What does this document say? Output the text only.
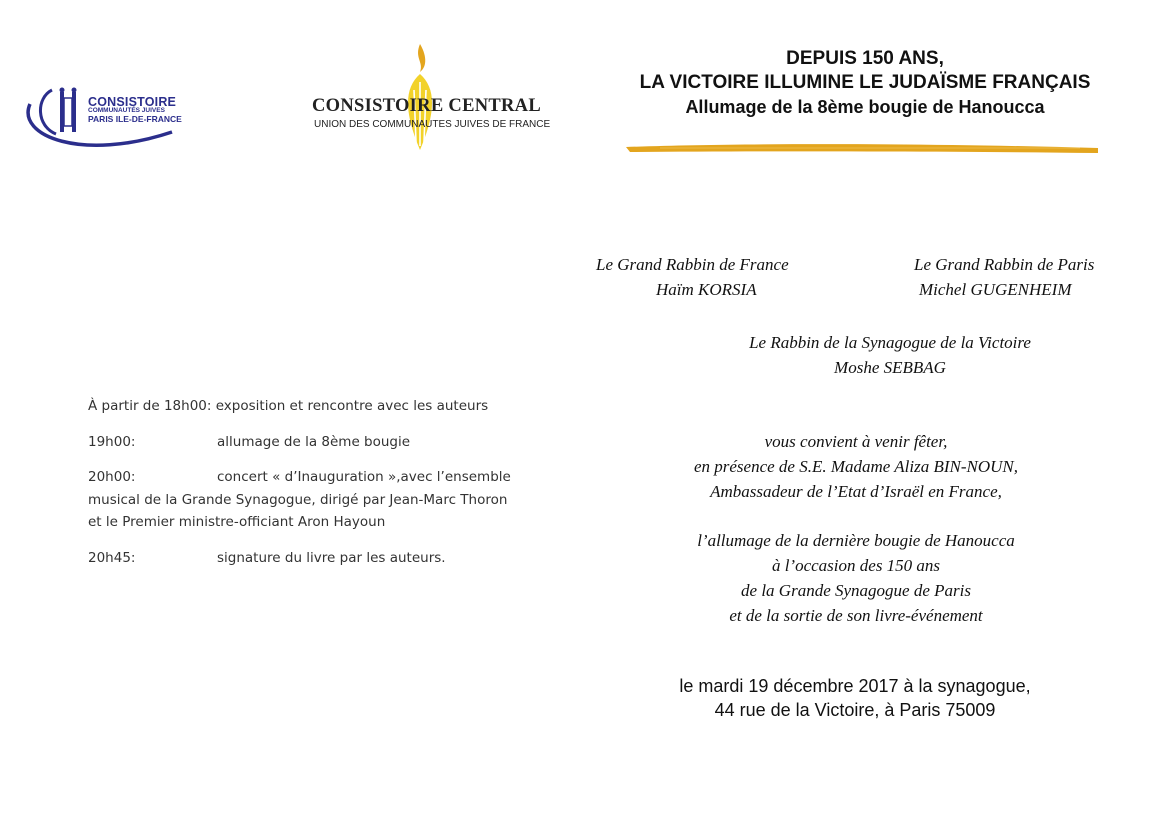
CONSISTOIRE
COMMUNAUTÉS JUIVES
PARIS ILE-DE-FRANCE
CONSISTOIRE CENTRAL
UNION DES COMMUNAUTES JUIVES DE FRANCE
DEPUIS 150 ANS,
LA VICTOIRE ILLUMINE LE JUDAÏSME FRANÇAIS
Allumage de la 8ème bougie de Hanoucca
Le Grand Rabbin de France
Haïm KORSIA
Le Grand Rabbin de Paris
Michel GUGENHEIM
Le Rabbin de la Synagogue de la Victoire
Moshe SEBBAG
vous convient à venir fêter,
en présence de S.E. Madame Aliza BIN-NOUN,
Ambassadeur de l’Etat d’Israël en France,
l’allumage de la dernière bougie de Hanoucca
à l’occasion des 150 ans
de la Grande Synagogue de Paris
et de la sortie de son livre-événement
À partir de 18h00: exposition et rencontre avec les auteurs
19h00:	allumage de la 8ème bougie
20h00:	concert « d’Inauguration »,avec l’ensemble
musical de la Grande Synagogue, dirigé par Jean-Marc Thoron
et le Premier ministre-officiant Aron Hayoun
20h45:	signature du livre par les auteurs.
le mardi 19 décembre 2017 à la synagogue,
44 rue de la Victoire, à Paris 75009
